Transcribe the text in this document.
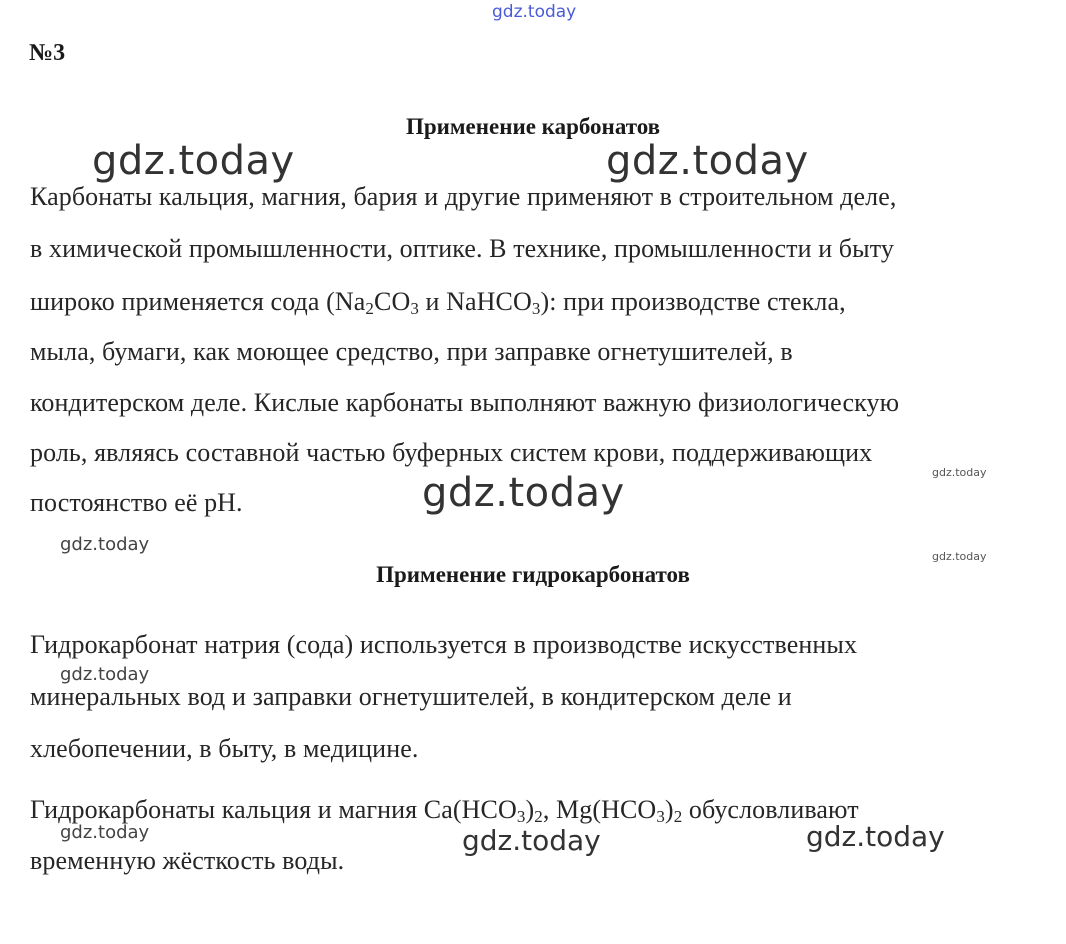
gdz.today
gdz.today	gdz.today
gdz.today
gdz.today
gdz.today
gdz.today
gdz.today
gdz.today	gdz.today	gdz.today
№3
Применение карбонатов
Карбонаты кальция, магния, бария и другие применяют в строительном деле,
в химической промышленности, оптике. В технике, промышленности и быту
широко применяется сода ($Na_2CO_3$ и NaHCO$_3$): при производстве стекла,
мыла, бумаги, как моющее средство, при заправке огнетушителей, в
кондитерском деле. Кислые карбонаты выполняют важную физиологическую
роль, являясь составной частью буферных систем крови, поддерживающих
постоянство её pH.
Применение гидрокарбонатов
Гидрокарбонат натрия (сода) используется в производстве искусственных
минеральных вод и заправки огнетушителей, в кондитерском деле и
хлебопечении, в быту, в медицине.
Гидрокарбонаты кальция и магния $Ca(HCO_3)_2$, $Mg(HCO_3)_2$ обусловливают
временную жёсткость воды.
